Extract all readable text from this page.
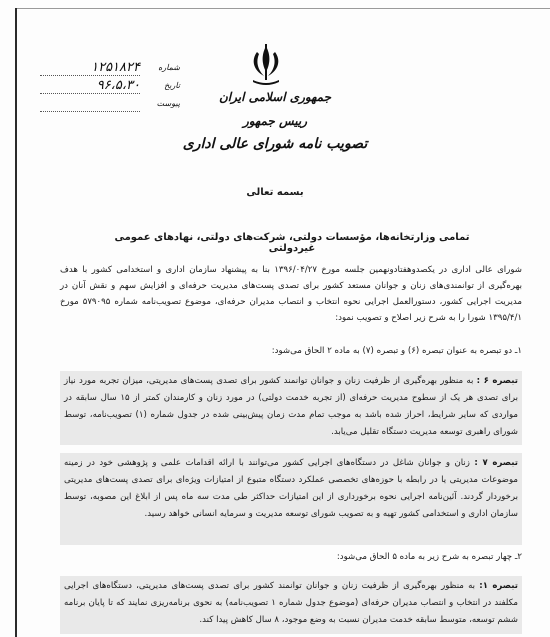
جمهوری اسلامی ایران
رییس جمهور
تصویب نامه شورای عالی اداری
شماره
۱۲۵۱۸۲۴
تاریخ
۹۶،۵،۳۰
پیوست
بسمه تعالی
تمامی وزارتخانه‌ها، مؤسسات دولتی، شرکت‌های دولتی، نهادهای عمومی غیردولتی
شورای عالی اداری در یکصدوهفتادونهمین جلسه مورخ ۱۳۹۶/۰۴/۲۷ بنا به پیشنهاد سازمان اداری و استخدامی کشور با هدف بهره‌گیری از توانمندی‌های زنان و جوانان مستعد کشور برای تصدی پست‌های مدیریت حرفه‌ای و افزایش سهم و نقش آنان در مدیریت اجرایی کشور، دستورالعمل اجرایی نحوه انتخاب و انتصاب مدیران حرفه‌ای، موضوع تصویب‌نامه شماره ۵۷۹۰۹۵ مورخ ۱۳۹۵/۴/۱ شورا را به شرح زیر اصلاح و تصویب نمود:
۱ـ دو تبصره به عنوان تبصره (۶) و تبصره (۷) به ماده ۲ الحاق می‌شود:
تبصره ۶ : به منظور بهره‌گیری از ظرفیت زنان و جوانان توانمند کشور برای تصدی پست‌های مدیریتی، میزان تجربه مورد نیاز برای تصدی هر یک از سطوح مدیریت حرفه‌ای (از تجربه خدمت دولتی) در مورد زنان و کارمندان کمتر از ۱۵ سال سابقه در مواردی که سایر شرایط، احراز شده باشد به موجب تمام مدت زمان پیش‌بینی شده در جدول شماره (۱) تصویب‌نامه، توسط شورای راهبری توسعه مدیریت دستگاه تقلیل می‌یابد.
تبصره ۷ : زنان و جوانان شاغل در دستگاه‌های اجرایی کشور می‌توانند با ارائه اقدامات علمی و پژوهشی خود در زمینه موضوعات مدیریتی یا در رابطه با حوزه‌های تخصصی عملکرد دستگاه متبوع از امتیازات ویژه‌ای برای تصدی پست‌های مدیریتی برخوردار گردند. آئین‌نامه اجرایی نحوه برخورداری از این امتیازات حداکثر طی مدت سه ماه پس از ابلاغ این مصوبه، توسط سازمان اداری و استخدامی کشور تهیه و به تصویب شورای توسعه مدیریت و سرمایه انسانی خواهد رسید.
۲ـ چهار تبصره به شرح زیر به ماده ۵ الحاق می‌شود:
تبصره ۱: به منظور بهره‌گیری از ظرفیت زنان و جوانان توانمند کشور برای تصدی پست‌های مدیریتی، دستگاه‌های اجرایی مکلفند در انتخاب و انتصاب مدیران حرفه‌ای (موضوع جدول شماره ۱ تصویب‌نامه) به نحوی برنامه‌ریزی نمایند که تا پایان برنامه ششم توسعه، متوسط سابقه خدمت مدیران نسبت به وضع موجود، ۸ سال کاهش پیدا کند.
